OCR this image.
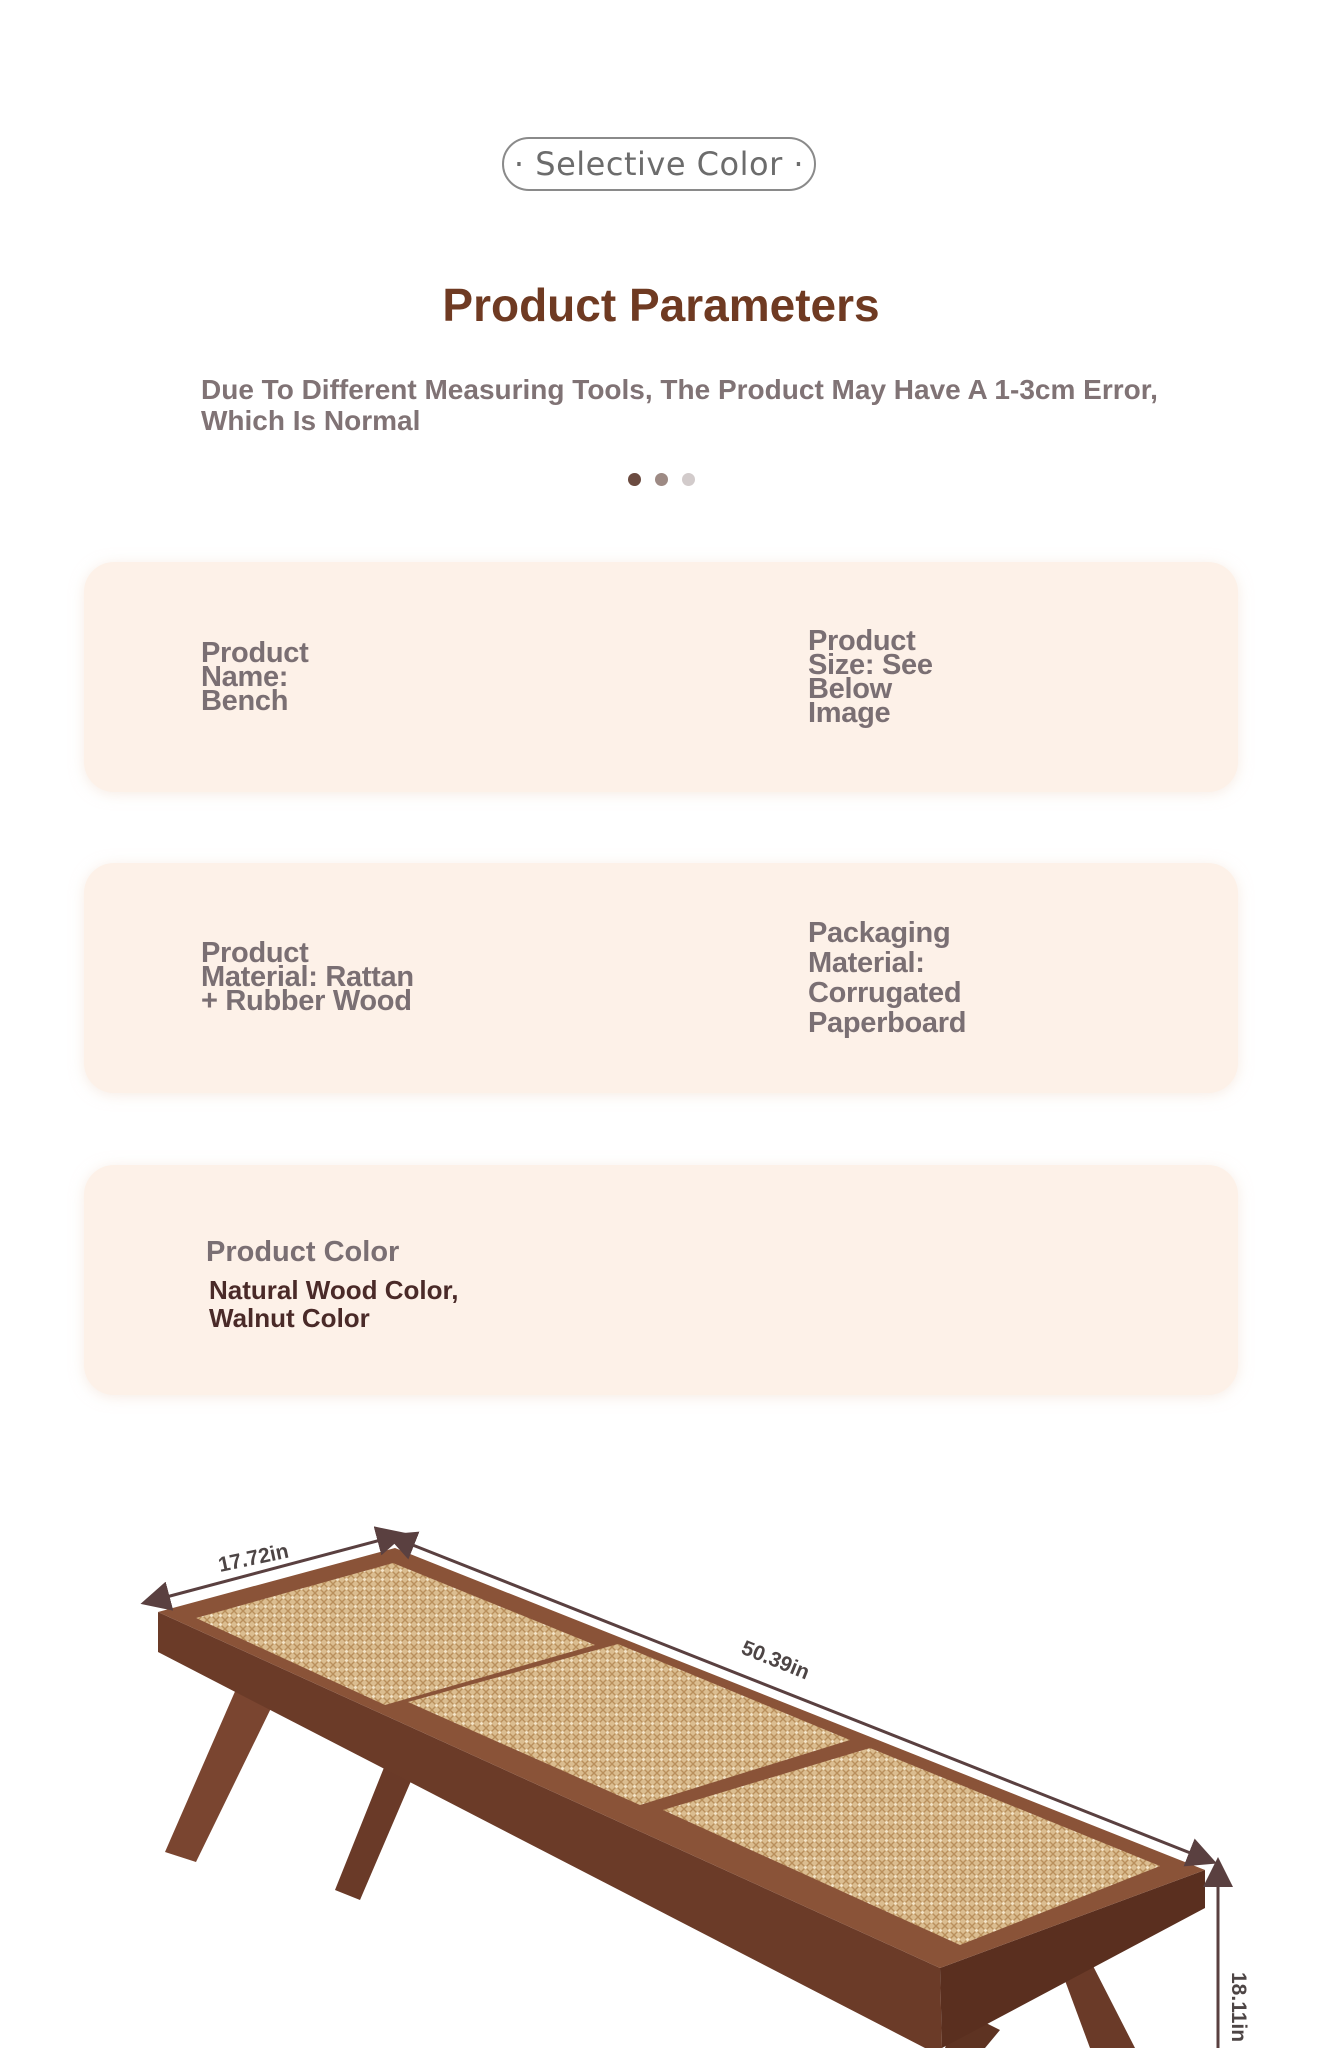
· Selective Color ·
Product Parameters
Due To Different Measuring Tools, The Product May Have A 1-3cm Error, Which Is Normal
Product Name: Bench
Product Size: See Below Image
Product Material: Rattan + Rubber Wood
Packaging Material: Corrugated Paperboard
Product Color
Natural Wood Color, Walnut Color
17.72in
50.39in
18.11in
